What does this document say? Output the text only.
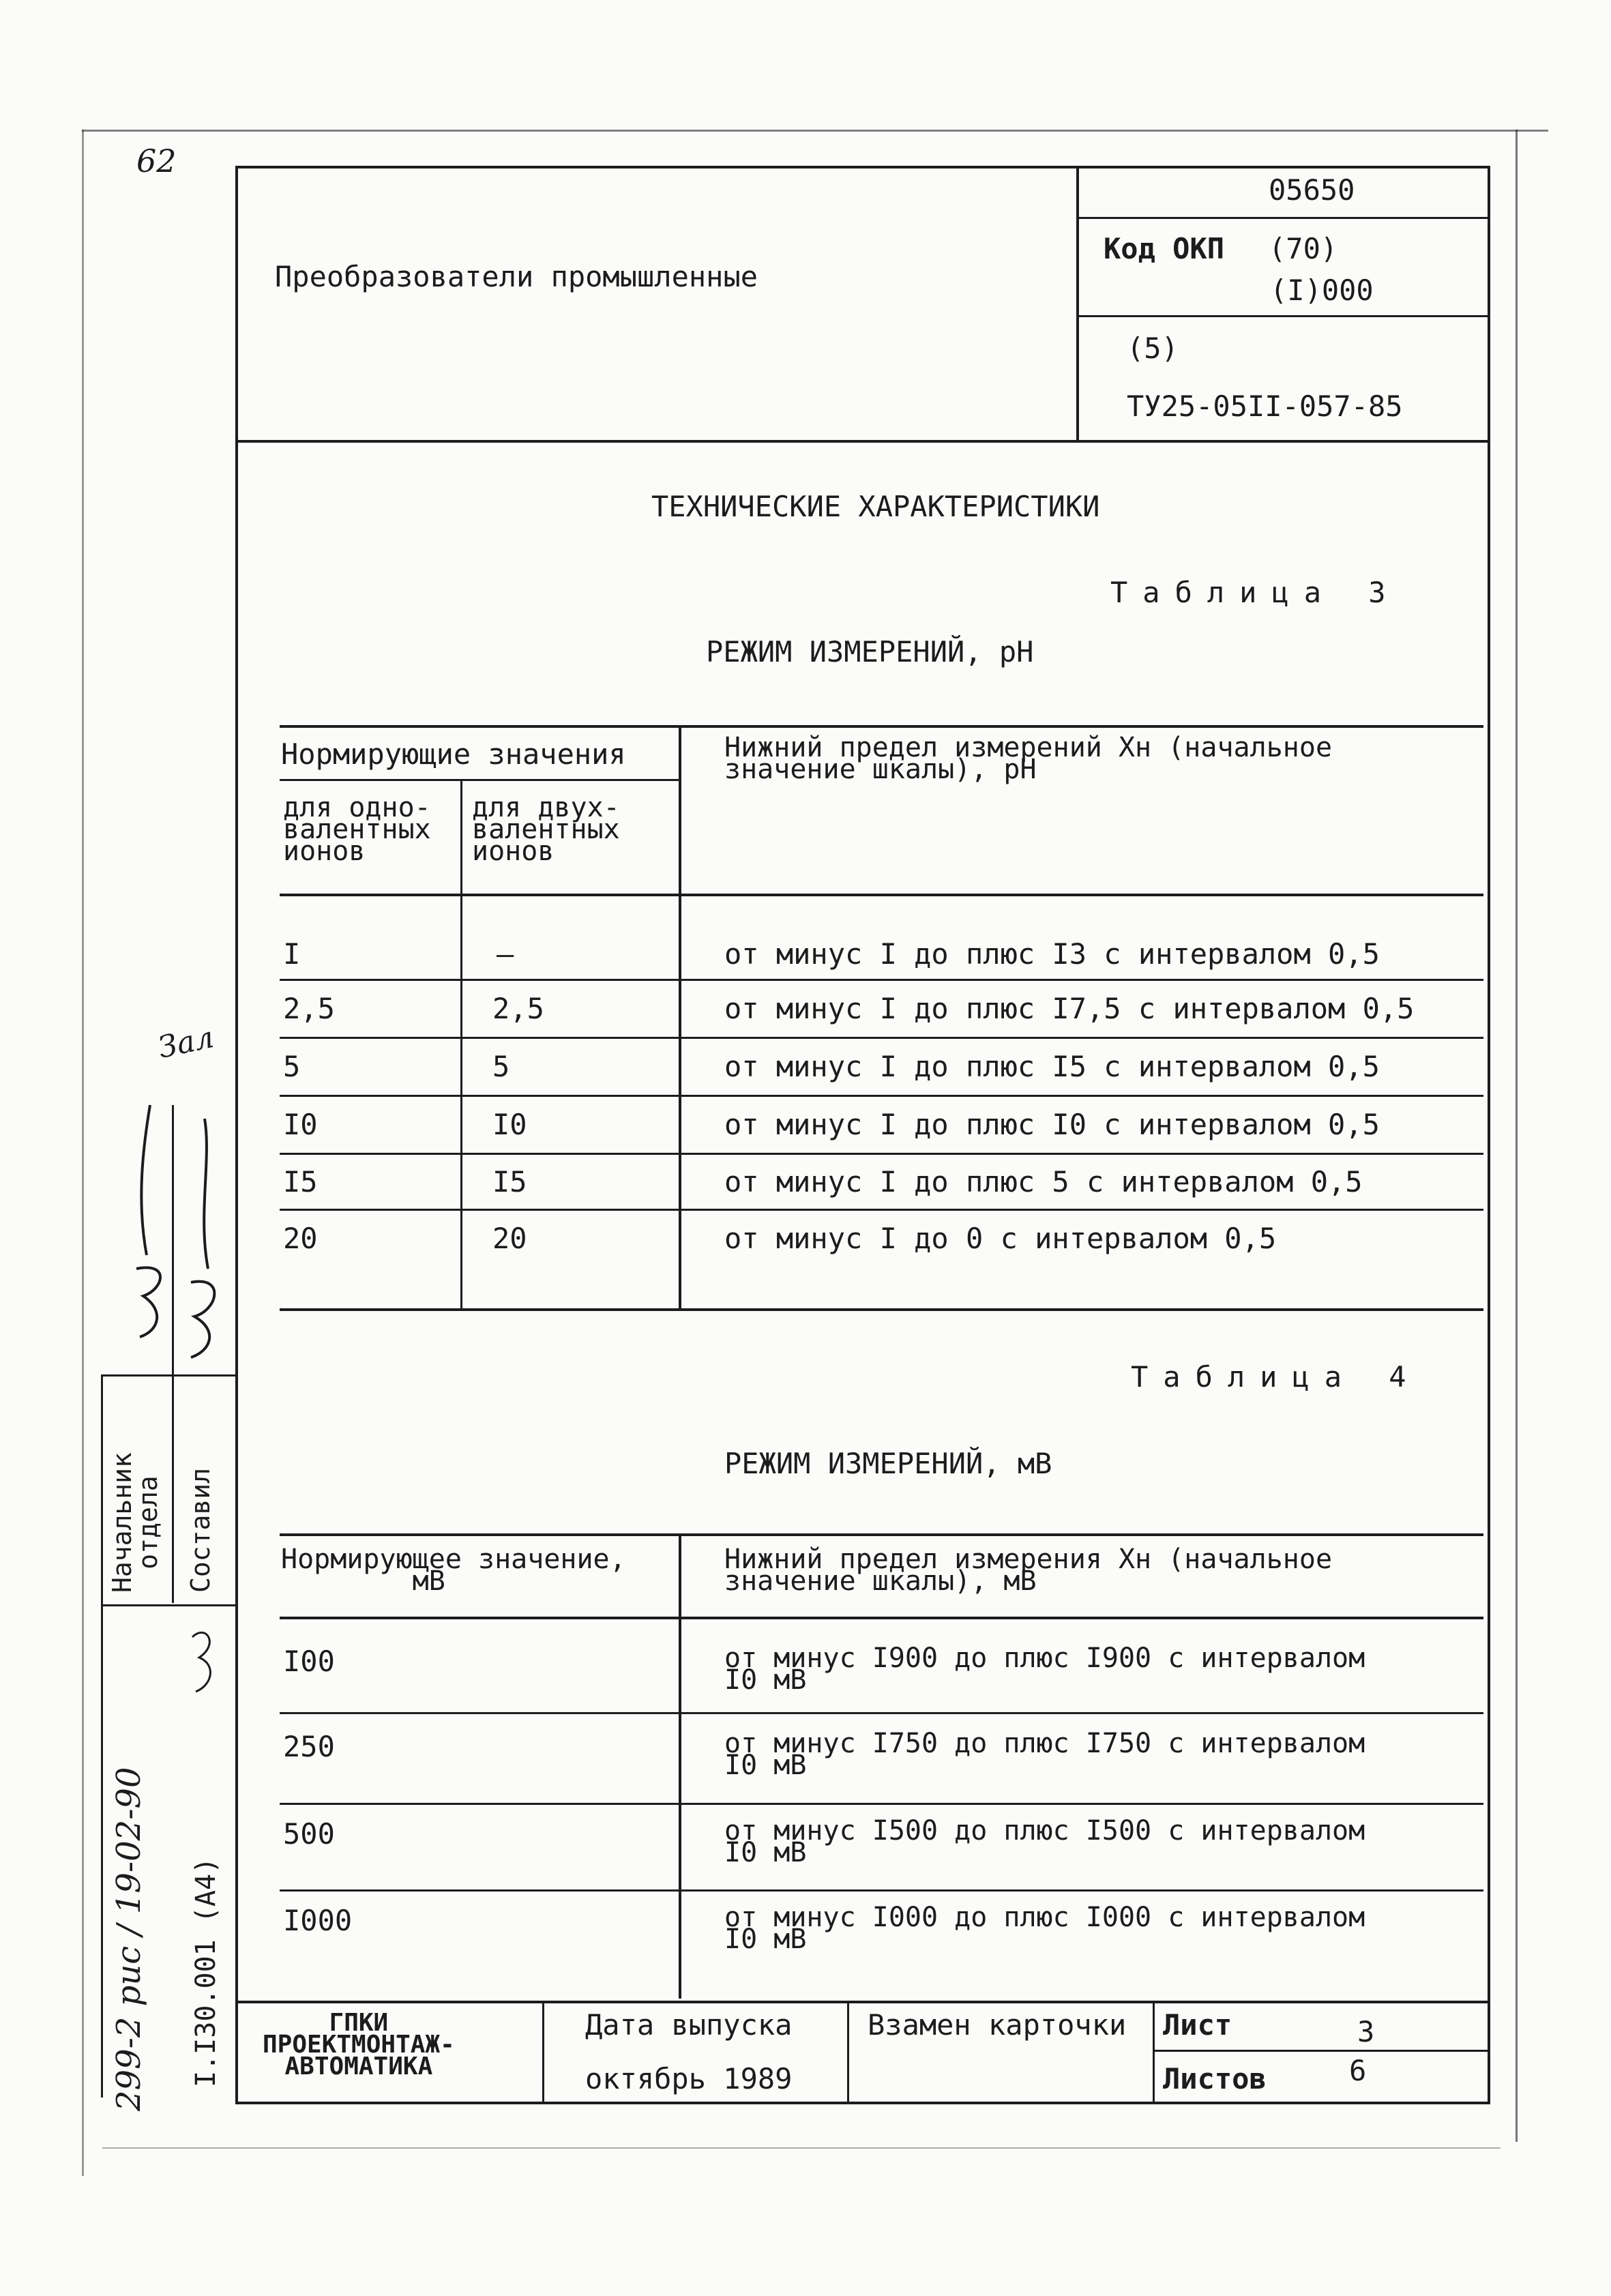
62
Преобразователи промышленные
05650
Код ОКП (70)
(I)000
(5)
ТУ25-05II-057-85
ТЕХНИЧЕСКИЕ ХАРАКТЕРИСТИКИ
Таблица 3
РЕЖИМ ИЗМЕРЕНИЙ, pH
Нормирующие значения
для одно-
валентных
ионов
для двух-
валентных
ионов
Нижний предел измерений Xн (начальное
значение шкалы), pH
I	–	от минус I до плюс I3 с интервалом 0,5
2,5	2,5	от минус I до плюс I7,5 с интервалом 0,5
5	5	от минус I до плюс I5 с интервалом 0,5
I0	I0	от минус I до плюс I0 с интервалом 0,5
I5	I5	от минус I до плюс 5 с интервалом 0,5
20	20	от минус I до 0 с интервалом 0,5
Таблица 4
РЕЖИМ ИЗМЕРЕНИЙ, мВ
Нормирующее значение,
мВ
Нижний предел измерения Xн (начальное
значение шкалы), мВ
I00	от минус I900 до плюс I900 с интервалом
I0 мВ
250	от минус I750 до плюс I750 с интервалом
I0 мВ
500	от минус I500 до плюс I500 с интервалом
I0 мВ
I000	от минус I000 до плюс I000 с интервалом
I0 мВ
ГПКИ
ПРОЕКТМОНТАЖ-
АВТОМАТИКА
Дата выпуска
октябрь 1989
Взамен карточки Лист	3
Листов	6
Начальник
отдела Составил
I.I30.001 (A4)
299-2 рис / 19-02-90
Зал
